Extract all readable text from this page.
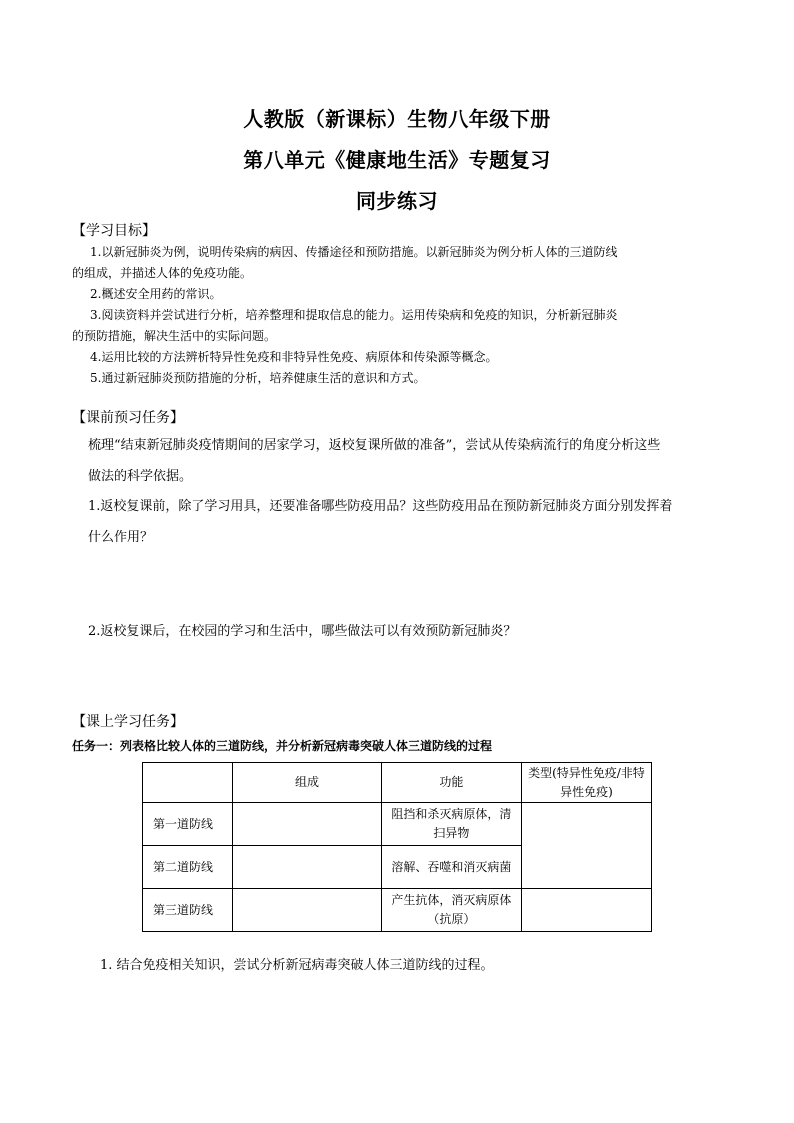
人教版（新课标）生物八年级下册
第八单元《健康地生活》专题复习
同步练习
【学习目标】

1.以新冠肺炎为例，说明传染病的病因、传播途径和预防措施。以新冠肺炎为例分析人体的三道防线

的组成，并描述人体的免疫功能。

2.概述安全用药的常识。

3.阅读资料并尝试进行分析，培养整理和提取信息的能力。运用传染病和免疫的知识，分析新冠肺炎

的预防措施，解决生活中的实际问题。

4.运用比较的方法辨析特异性免疫和非特异性免疫、病原体和传染源等概念。

5.通过新冠肺炎预防措施的分析，培养健康生活的意识和方式。

【课前预习任务】

梳理“结束新冠肺炎疫情期间的居家学习，返校复课所做的准备”，尝试从传染病流行的角度分析这些

做法的科学依据。

1.返校复课前，除了学习用具，还要准备哪些防疫用品？这些防疫用品在预防新冠肺炎方面分别发挥着

什么作用？

2.返校复课后，在校园的学习和生活中，哪些做法可以有效预防新冠肺炎？

【课上学习任务】
任务一：列表格比较人体的三道防线，并分析新冠病毒突破人体三道防线的过程
	组成	功能	类型(特异性免疫/非特异性免疫)
第一道防线		阻挡和杀灭病原体，清扫异物	
第二道防线		溶解、吞噬和消灭病菌	
第三道防线		产生抗体，消灭病原体（抗原）	
1. 结合免疫相关知识，尝试分析新冠病毒突破人体三道防线的过程。
